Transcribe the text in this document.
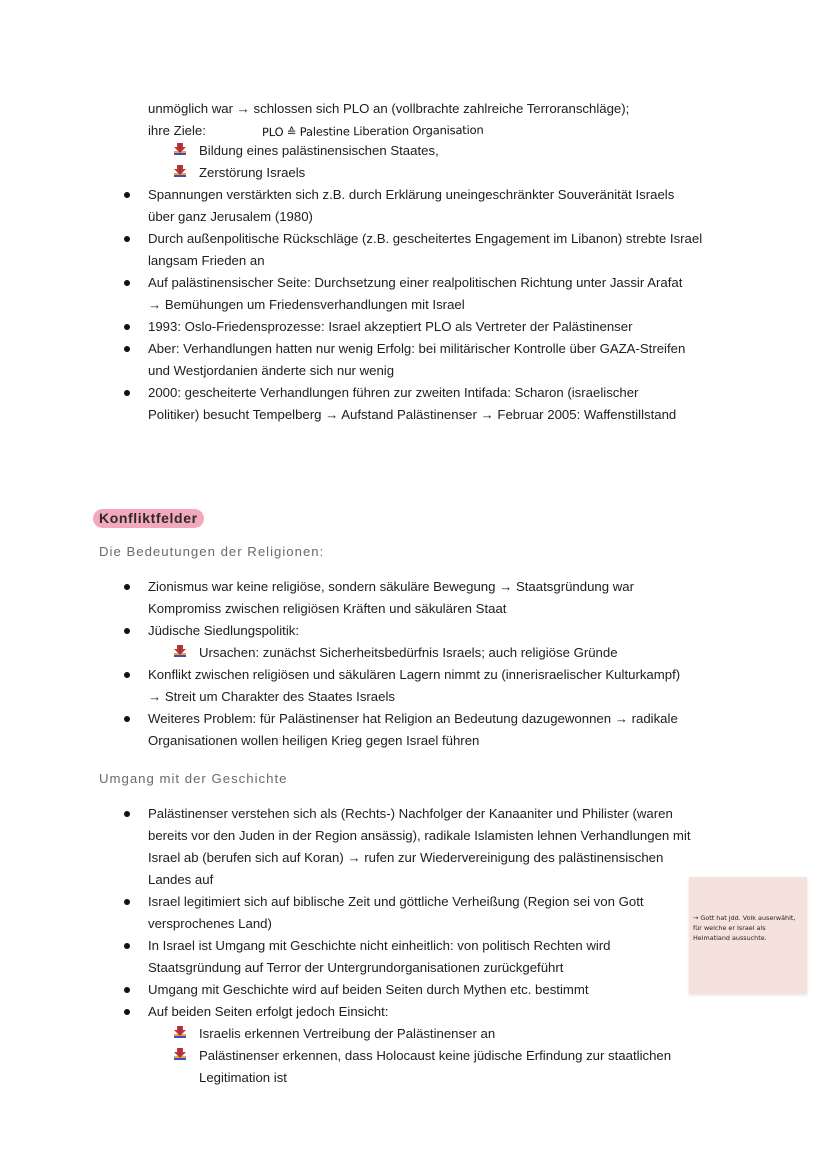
unmöglich war → schlossen sich PLO an (vollbrachte zahlreiche Terroranschläge);
ihre Ziele:	PLO ≙ Palestine Liberation Organisation
Bildung eines palästinensischen Staates,
Zerstörung Israels
Spannungen verstärkten sich z.B. durch Erklärung uneingeschränkter Souveränität Israels
über ganz Jerusalem (1980)
Durch außenpolitische Rückschläge (z.B. gescheitertes Engagement im Libanon) strebte Israel
langsam Frieden an
Auf palästinensischer Seite: Durchsetzung einer realpolitischen Richtung unter Jassir Arafat
→ Bemühungen um Friedensverhandlungen mit Israel
1993: Oslo-Friedensprozesse: Israel akzeptiert PLO als Vertreter der Palästinenser
Aber: Verhandlungen hatten nur wenig Erfolg: bei militärischer Kontrolle über GAZA-Streifen
und Westjordanien änderte sich nur wenig
2000: gescheiterte Verhandlungen führen zur zweiten Intifada: Scharon (israelischer
Politiker) besucht Tempelberg → Aufstand Palästinenser → Februar 2005: Waffenstillstand
Konfliktfelder
Die Bedeutungen der Religionen:
Zionismus war keine religiöse, sondern säkuläre Bewegung → Staatsgründung war
Kompromiss zwischen religiösen Kräften und säkulären Staat
Jüdische Siedlungspolitik:
Ursachen: zunächst Sicherheitsbedürfnis Israels; auch religiöse Gründe
Konflikt zwischen religiösen und säkulären Lagern nimmt zu (innerisraelischer Kulturkampf)
→ Streit um Charakter des Staates Israels
Weiteres Problem: für Palästinenser hat Religion an Bedeutung dazugewonnen → radikale
Organisationen wollen heiligen Krieg gegen Israel führen
Umgang mit der Geschichte
Palästinenser verstehen sich als (Rechts-) Nachfolger der Kanaaniter und Philister (waren
bereits vor den Juden in der Region ansässig), radikale Islamisten lehnen Verhandlungen mit
Israel ab (berufen sich auf Koran) → rufen zur Wiedervereinigung des palästinensischen
Landes auf
Israel legitimiert sich auf biblische Zeit und göttliche Verheißung (Region sei von Gott
versprochenes Land)
In Israel ist Umgang mit Geschichte nicht einheitlich: von politisch Rechten wird
Staatsgründung auf Terror der Untergrundorganisationen zurückgeführt
Umgang mit Geschichte wird auf beiden Seiten durch Mythen etc. bestimmt
Auf beiden Seiten erfolgt jedoch Einsicht:
Israelis erkennen Vertreibung der Palästinenser an
Palästinenser erkennen, dass Holocaust keine jüdische Erfindung zur staatlichen
Legitimation ist
→ Gott hat jdd. Volk auserwählt,
für welche er Israel als
Heimatland aussuchte.
